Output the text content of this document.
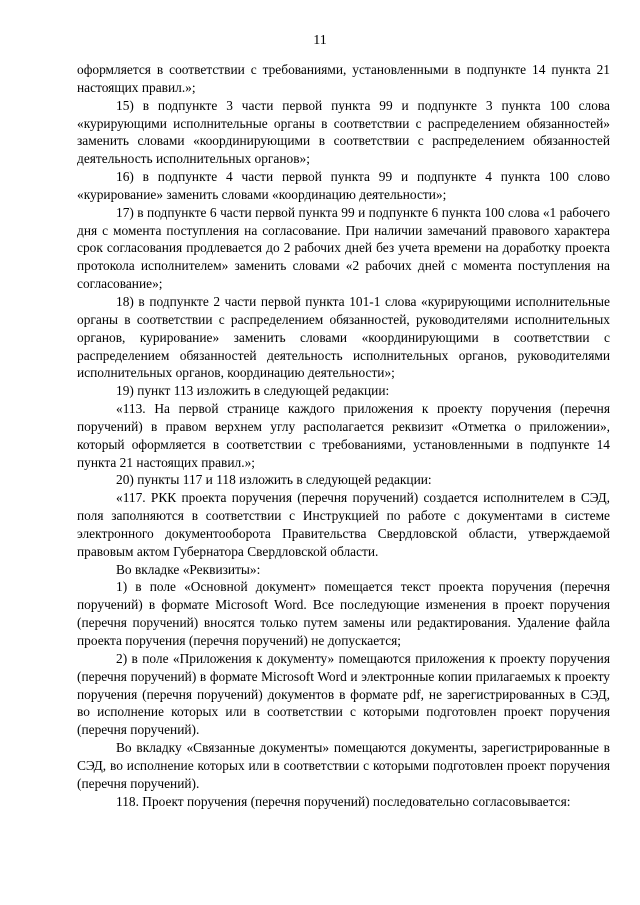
11

оформляется в соответствии с требованиями, установленными в подпункте 14 пункта 21 настоящих правил.»;

15) в подпункте 3 части первой пункта 99 и подпункте 3 пункта 100 слова «курирующими исполнительные органы в соответствии с распределением обязанностей» заменить словами «координирующими в соответствии с распределением обязанностей деятельность исполнительных органов»;

16) в подпункте 4 части первой пункта 99 и подпункте 4 пункта 100 слово «курирование» заменить словами «координацию деятельности»;

17) в подпункте 6 части первой пункта 99 и подпункте 6 пункта 100 слова «1 рабочего дня с момента поступления на согласование. При наличии замечаний правового характера срок согласования продлевается до 2 рабочих дней без учета времени на доработку проекта протокола исполнителем» заменить словами «2 рабочих дней с момента поступления на согласование»;

18) в подпункте 2 части первой пункта 101-1 слова «курирующими исполнительные органы в соответствии с распределением обязанностей, руководителями исполнительных органов, курирование» заменить словами «координирующими в соответствии с распределением обязанностей деятельность исполнительных органов, руководителями исполнительных органов, координацию деятельности»;

19) пункт 113 изложить в следующей редакции:

«113. На первой странице каждого приложения к проекту поручения (перечня поручений) в правом верхнем углу располагается реквизит «Отметка о приложении», который оформляется в соответствии с требованиями, установленными в подпункте 14 пункта 21 настоящих правил.»;

20) пункты 117 и 118 изложить в следующей редакции:

«117. РКК проекта поручения (перечня поручений) создается исполнителем в СЭД, поля заполняются в соответствии с Инструкцией по работе с документами в системе электронного документооборота Правительства Свердловской области, утверждаемой правовым актом Губернатора Свердловской области.

Во вкладке «Реквизиты»:

1) в поле «Основной документ» помещается текст проекта поручения (перечня поручений) в формате Microsoft Word. Все последующие изменения в проект поручения (перечня поручений) вносятся только путем замены или редактирования. Удаление файла проекта поручения (перечня поручений) не допускается;

2) в поле «Приложения к документу» помещаются приложения к проекту поручения (перечня поручений) в формате Microsoft Word и электронные копии прилагаемых к проекту поручения (перечня поручений) документов в формате pdf, не зарегистрированных в СЭД, во исполнение которых или в соответствии с которыми подготовлен проект поручения (перечня поручений).

Во вкладку «Связанные документы» помещаются документы, зарегистрированные в СЭД, во исполнение которых или в соответствии с которыми подготовлен проект поручения (перечня поручений).

118. Проект поручения (перечня поручений) последовательно согласовывается:
